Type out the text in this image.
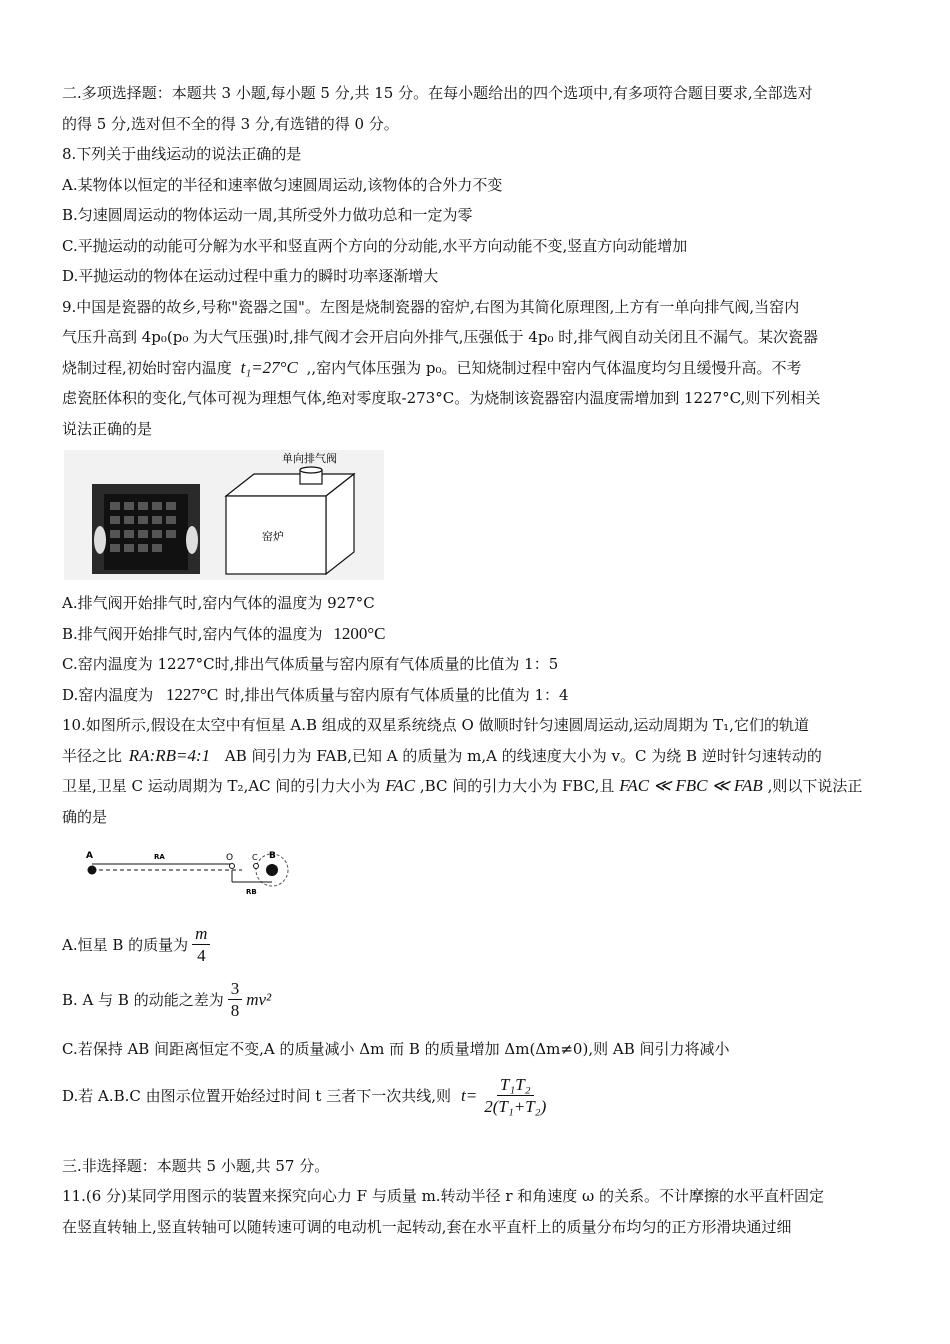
二.多项选择题：本题共 3 小题,每小题 5 分,共 15 分。在每小题给出的四个选项中,有多项符合题目要求,全部选对
的得 5 分,选对但不全的得 3 分,有选错的得 0 分。
8.下列关于曲线运动的说法正确的是
A.某物体以恒定的半径和速率做匀速圆周运动,该物体的合外力不变
B.匀速圆周运动的物体运动一周,其所受外力做功总和一定为零
C.平抛运动的动能可分解为水平和竖直两个方向的分动能,水平方向动能不变,竖直方向动能增加
D.平抛运动的物体在运动过程中重力的瞬时功率逐渐增大
9.中国是瓷器的故乡,号称"瓷器之国"。左图是烧制瓷器的窑炉,右图为其简化原理图,上方有一单向排气阀,当窑内
气压升高到 4p₀(p₀ 为大气压强)时,排气阀才会开启向外排气,压强低于 4p₀ 时,排气阀自动关闭且不漏气。某次瓷器
烧制过程,初始时窑内温度 t₁=27°C ,,窑内气体压强为 p₀。已知烧制过程中窑内气体温度均匀且缓慢升高。不考
虑瓷胚体积的变化,气体可视为理想气体,绝对零度取-273°C。为烧制该瓷器窑内温度需增加到 1227°C,则下列相关
说法正确的是
单向排气阀
窑炉
A.排气阀开始排气时,窑内气体的温度为 927°C
B.排气阀开始排气时,窑内气体的温度为 1200°C
C.窑内温度为 1227°C时,排出气体质量与窑内原有气体质量的比值为 1：5
D.窑内温度为 1227°C 时,排出气体质量与窑内原有气体质量的比值为 1：4
10.如图所示,假设在太空中有恒星 A.B 组成的双星系统绕点 O 做顺时针匀速圆周运动,运动周期为 T₁,它们的轨道
半径之比 RA:RB=4:1 AB 间引力为 FAB,已知 A 的质量为 m,A 的线速度大小为 v。C 为绕 B 逆时针匀速转动的
卫星,卫星 C 运动周期为 T₂,AC 间的引力大小为 FAC ,BC 间的引力大小为 FBC,且 FAC ≪ FBC ≪ FAB ,则以下说法正
确的是
A	RA	O C B
RB
A.恒星 B 的质量为 $\frac{m}{4}$
B. A 与 B 的动能之差为 $\frac{3}{8} mv^2$
C.若保持 AB 间距离恒定不变,A 的质量减小 Δm 而 B 的质量增加 Δm(Δm≠0),则 AB 间引力将减小
D.若 A.B.C 由图示位置开始经过时间 t 三者下一次共线,则 $t= \frac{\text{T₁T₂}}{\text{2(T₁+T₂)}}$
三.非选择题：本题共 5 小题,共 57 分。
11.(6 分)某同学用图示的装置来探究向心力 F 与质量 m.转动半径 r 和角速度 ω 的关系。不计摩擦的水平直杆固定
在竖直转轴上,竖直转轴可以随转速可调的电动机一起转动,套在水平直杆上的质量分布均匀的正方形滑块通过细
